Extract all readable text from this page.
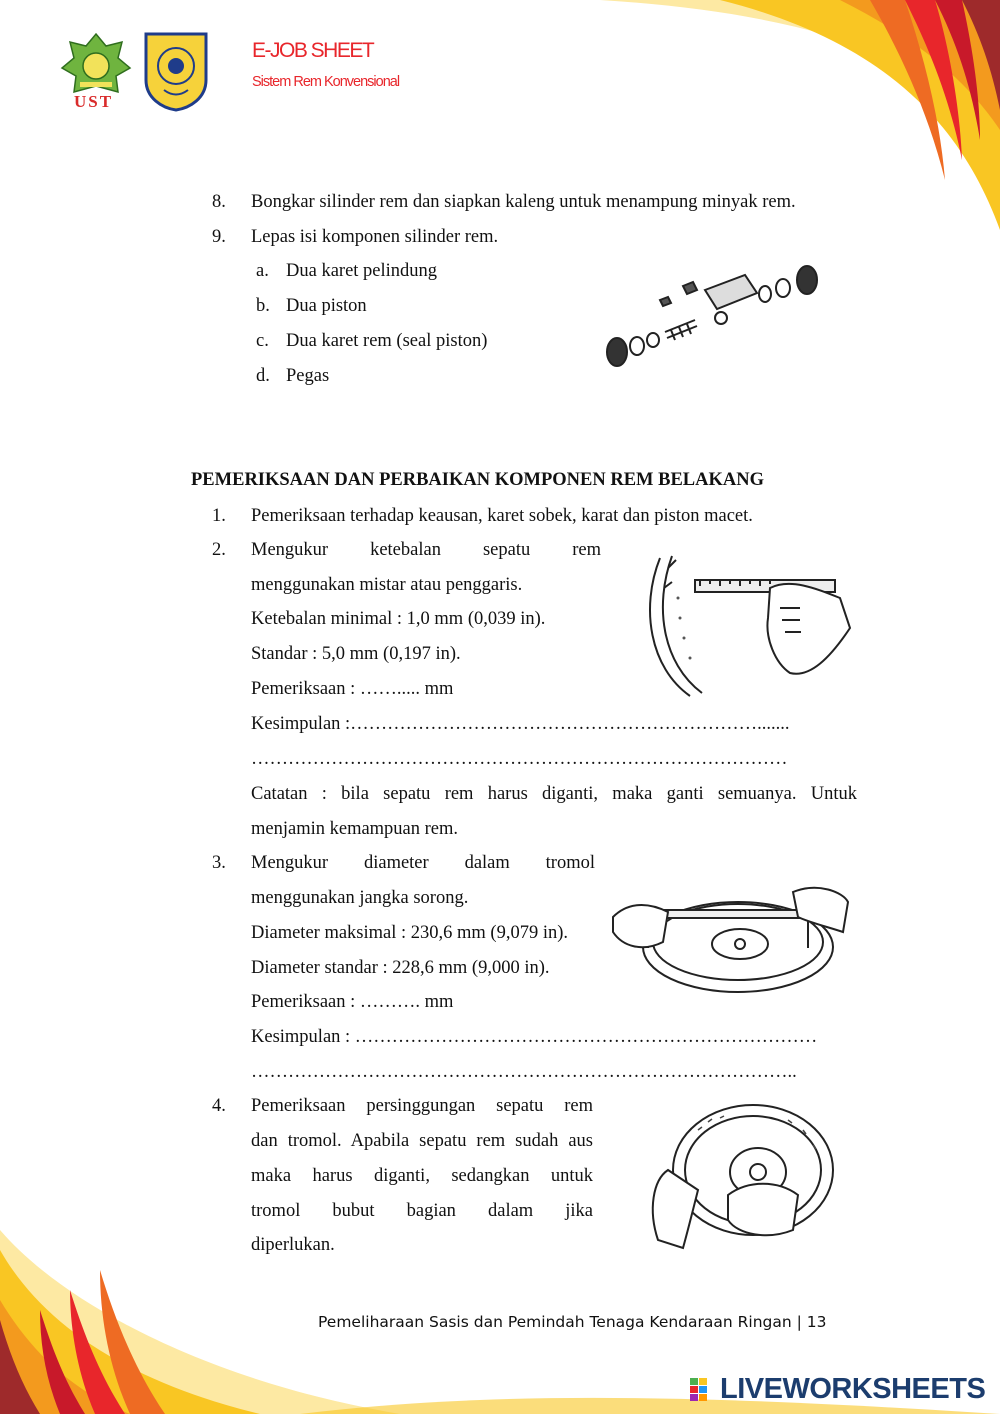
UST
E-JOB SHEET
Sistem Rem Konvensional
8.	Bongkar silinder rem dan siapkan kaleng untuk menampung minyak rem.
9.	Lepas isi komponen silinder rem.
a. Dua karet pelindung
b. Dua piston
c. Dua karet rem (seal piston)
d. Pegas
PEMERIKSAAN DAN PERBAIKAN KOMPONEN REM BELAKANG
1.	Pemeriksaan terhadap keausan, karet sobek, karat dan piston macet.
2.	Mengukur ketebalan sepatu rem
menggunakan mistar atau penggaris.
Ketebalan minimal : 1,0 mm (0,039 in).
Standar : 5,0 mm (0,197 in).
Pemeriksaan : ……..... mm
Kesimpulan :………………………………………………………….......
……………………………………………………………………………
Catatan : bila sepatu rem harus diganti, maka ganti semuanya. Untuk
menjamin kemampuan rem.
3.	Mengukur diameter dalam tromol
menggunakan jangka sorong.
Diameter maksimal : 230,6 mm (9,079 in).
Diameter standar : 228,6 mm (9,000 in).
Pemeriksaan : ………. mm
Kesimpulan : …………………………………………………………………
……………………………………………………………………………..
4.	Pemeriksaan persinggungan sepatu rem
dan tromol. Apabila sepatu rem sudah aus
maka harus diganti, sedangkan untuk
tromol bubut bagian dalam jika
diperlukan.
Pemeliharaan Sasis dan Pemindah Tenaga Kendaraan Ringan | 13
LIVEWORKSHEETS
